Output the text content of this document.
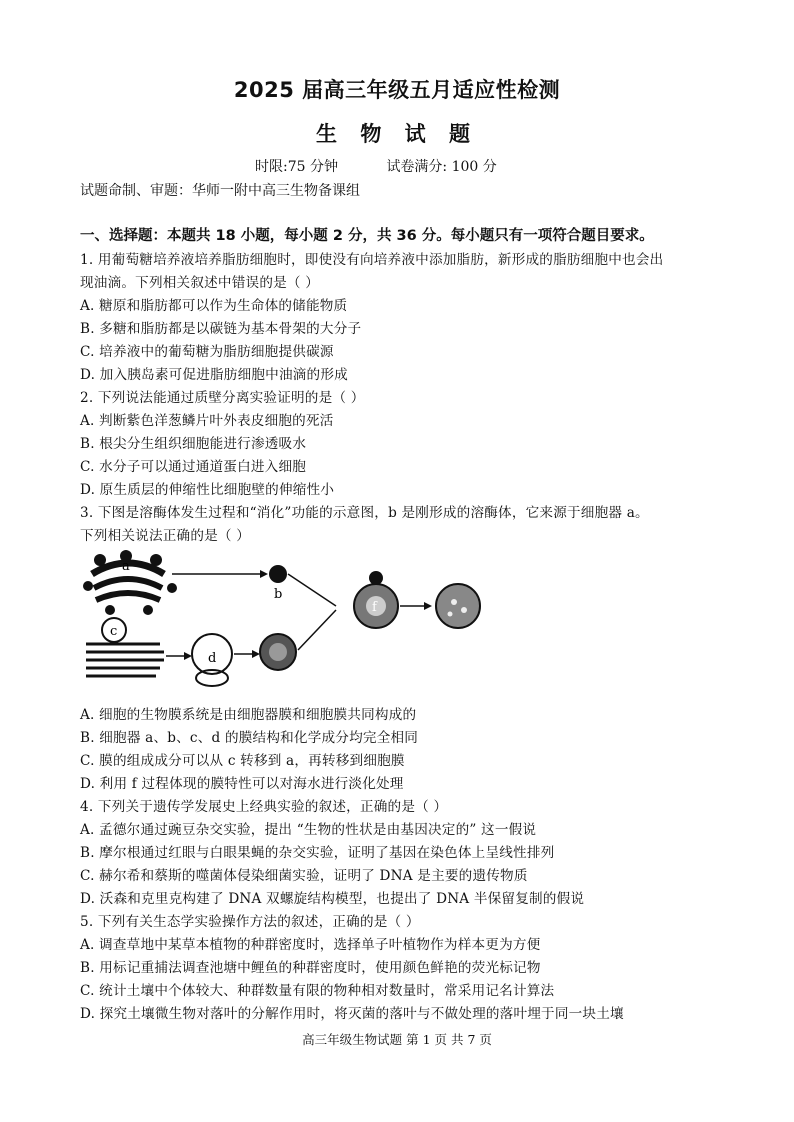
2025 届高三年级五月适应性检测
生 物 试 题
时限:75 分钟	试卷满分: 100 分
试题命制、审题：华师一附中高三生物备课组
一、选择题：本题共 18 小题，每小题 2 分，共 36 分。每小题只有一项符合题目要求。
1. 用葡萄糖培养液培养脂肪细胞时，即使没有向培养液中添加脂肪，新形成的脂肪细胞中也会出
现油滴。下列相关叙述中错误的是（ ）
A. 糖原和脂肪都可以作为生命体的储能物质
B. 多糖和脂肪都是以碳链为基本骨架的大分子
C. 培养液中的葡萄糖为脂肪细胞提供碳源
D. 加入胰岛素可促进脂肪细胞中油滴的形成
2. 下列说法能通过质壁分离实验证明的是（ ）
A. 判断紫色洋葱鳞片叶外表皮细胞的死活
B. 根尖分生组织细胞能进行渗透吸水
C. 水分子可以通过通道蛋白进入细胞
D. 原生质层的伸缩性比细胞壁的伸缩性小
3. 下图是溶酶体发生过程和“消化”功能的示意图，b 是刚形成的溶酶体，它来源于细胞器 a。
下列相关说法正确的是（ ）
a
b
c
d
f
A. 细胞的生物膜系统是由细胞器膜和细胞膜共同构成的
B. 细胞器 a、b、c、d 的膜结构和化学成分均完全相同
C. 膜的组成成分可以从 c 转移到 a，再转移到细胞膜
D. 利用 f 过程体现的膜特性可以对海水进行淡化处理
4. 下列关于遗传学发展史上经典实验的叙述，正确的是（ ）
A. 孟德尔通过豌豆杂交实验，提出 “生物的性状是由基因决定的” 这一假说
B. 摩尔根通过红眼与白眼果蝇的杂交实验，证明了基因在染色体上呈线性排列
C. 赫尔希和蔡斯的噬菌体侵染细菌实验，证明了 DNA 是主要的遗传物质
D. 沃森和克里克构建了 DNA 双螺旋结构模型，也提出了 DNA 半保留复制的假说
5. 下列有关生态学实验操作方法的叙述，正确的是（ ）
A. 调查草地中某草本植物的种群密度时，选择单子叶植物作为样本更为方便
B. 用标记重捕法调查池塘中鲤鱼的种群密度时，使用颜色鲜艳的荧光标记物
C. 统计土壤中个体较大、种群数量有限的物种相对数量时，常采用记名计算法
D. 探究土壤微生物对落叶的分解作用时，将灭菌的落叶与不做处理的落叶埋于同一块土壤
高三年级生物试题 第 1 页 共 7 页
